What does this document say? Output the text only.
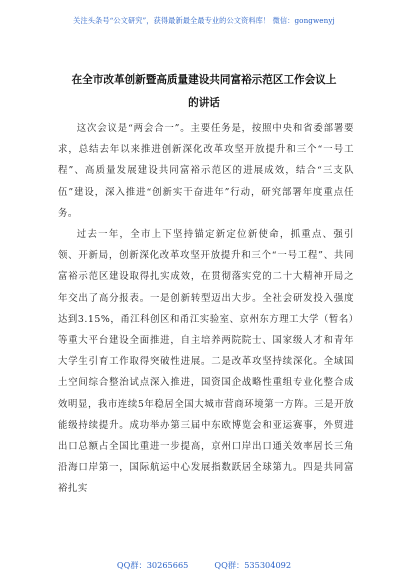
关注头条号“公文研究”，获得最新最全最专业的公文资料库！ 微信：gongwenyj
在全市改革创新暨高质量建设共同富裕示范区工作会议上
的讲话
这次会议是“两会合一”。主要任务是，按照中央和省委部署要求，总结去年以来推进创新深化改革攻坚开放提升和三个“一号工程”、高质量发展建设共同富裕示范区的进展成效，结合“三支队伍”建设，深入推进“创新实干奋进年”行动，研究部署年度重点任务。
过去一年，全市上下坚持锚定新定位新使命，抓重点、强引领、开新局，创新深化改革攻坚开放提升和三个“一号工程”、共同富裕示范区建设取得扎实成效，在贯彻落实党的二十大精神开局之年交出了高分报表。一是创新转型迈出大步。全社会研发投入强度达到3.15%，甬江科创区和甬江实验室、京州东方理工大学（暂名）等重大平台建设全面推进，自主培养两院院士、国家级人才和青年大学生引育工作取得突破性进展。二是改革攻坚持续深化。全域国土空间综合整治试点深入推进，国资国企战略性重组专业化整合成效明显，我市连续5年稳居全国大城市营商环境第一方阵。三是开放能级持续提升。成功举办第三届中东欧博览会和亚运赛事，外贸进出口总额占全国比重进一步提高，京州口岸出口通关效率居长三角沿海口岸第一，国际航运中心发展指数跃居全球第九。四是共同富裕扎实
QQ群：30265665	QQ群：535304092
